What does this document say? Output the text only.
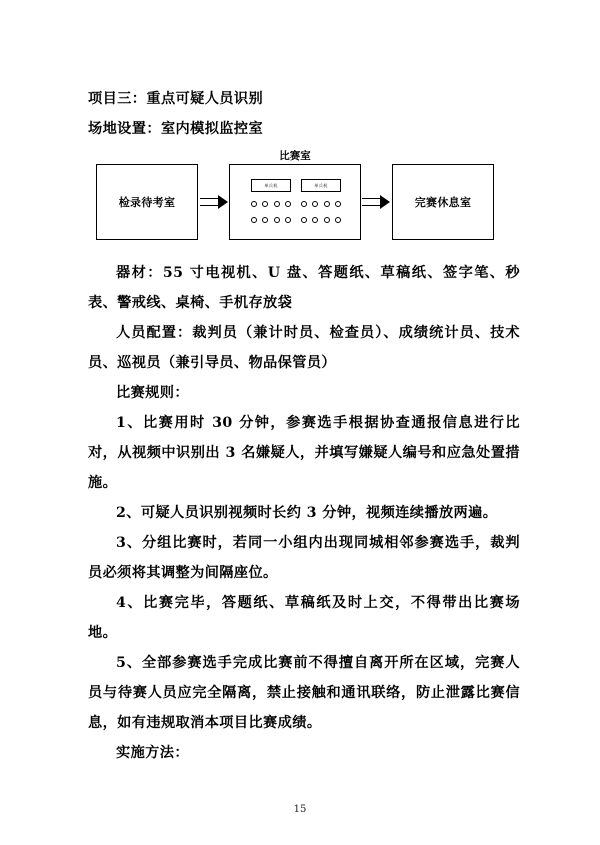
项目三：重点可疑人员识别

场地设置：室内模拟监控室

检录待考室
比赛室
单兵机	单兵机
完赛休息室

器材：55 寸电视机、U 盘、答题纸、草稿纸、签字笔、秒表、警戒线、桌椅、手机存放袋

人员配置：裁判员（兼计时员、检查员）、成绩统计员、技术员、巡视员（兼引导员、物品保管员）

比赛规则：

1、比赛用时 30 分钟，参赛选手根据协查通报信息进行比对，从视频中识别出 3 名嫌疑人，并填写嫌疑人编号和应急处置措施。

2、可疑人员识别视频时长约 3 分钟，视频连续播放两遍。

3、分组比赛时，若同一小组内出现同城相邻参赛选手，裁判员必须将其调整为间隔座位。

4、比赛完毕，答题纸、草稿纸及时上交，不得带出比赛场地。

5、全部参赛选手完成比赛前不得擅自离开所在区域，完赛人员与待赛人员应完全隔离，禁止接触和通讯联络，防止泄露比赛信息，如有违规取消本项目比赛成绩。

实施方法：

15
